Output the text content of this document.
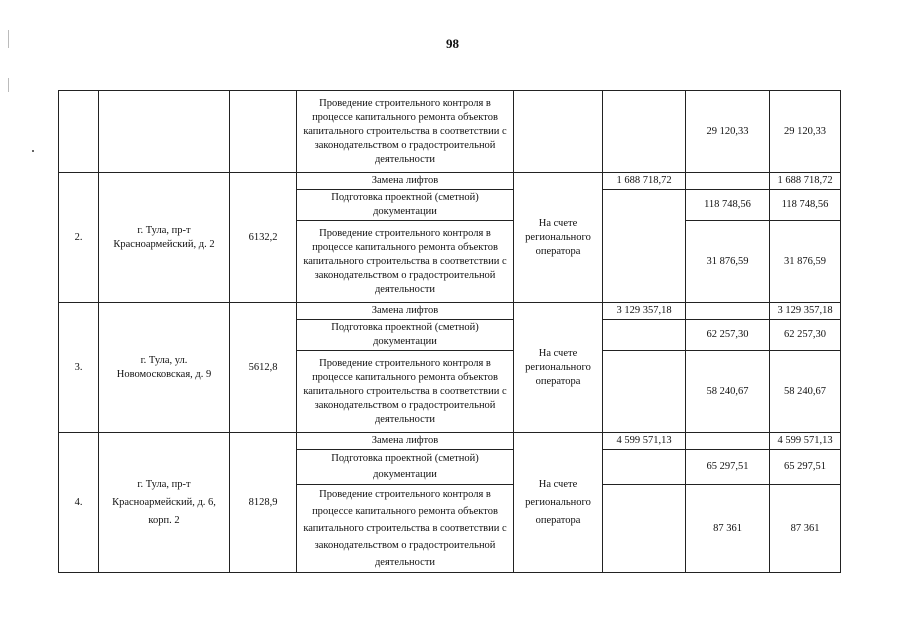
98
			Проведение строительного контроля в процессе капитального ремонта объектов капитального строительства в соответствии с законодательством о градостроительной деятельности			29 120,33	29 120,33
2.	г. Тула, пр-т Красноармейский, д. 2	6132,2	Замена лифтов	На счете регионального оператора	1 688 718,72		1 688 718,72
			Подготовка проектной (сметной) документации			118 748,56	118 748,56
			Проведение строительного контроля в процессе капитального ремонта объектов капитального строительства в соответствии с законодательством о градостроительной деятельности			31 876,59	31 876,59
3.	г. Тула, ул. Новомосковская, д. 9	5612,8	Замена лифтов	На счете регионального оператора	3 129 357,18		3 129 357,18
			Подготовка проектной (сметной) документации			62 257,30	62 257,30
			Проведение строительного контроля в процессе капитального ремонта объектов капитального строительства в соответствии с законодательством о градостроительной деятельности			58 240,67	58 240,67
4.	г. Тула, пр-т Красноармейский, д. 6, корп. 2	8128,9	Замена лифтов	На счете регионального оператора	4 599 571,13		4 599 571,13
			Подготовка проектной (сметной) документации			65 297,51	65 297,51
			Проведение строительного контроля в процессе капитального ремонта объектов капитального строительства в соответствии с законодательством о градостроительной деятельности			87 361	87 361
